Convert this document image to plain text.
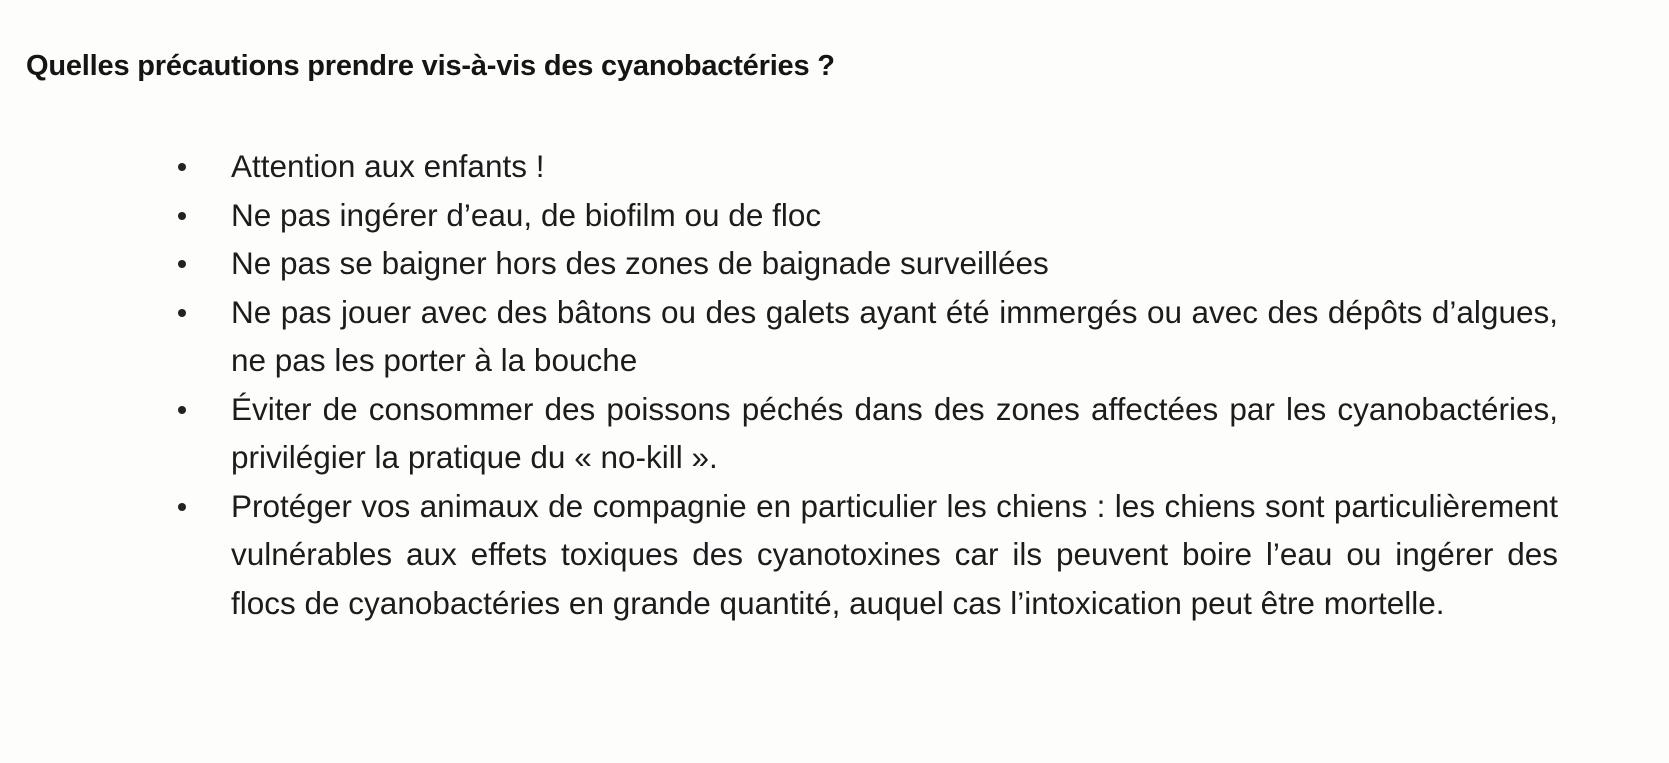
Quelles précautions prendre vis-à-vis des cyanobactéries ?
Attention aux enfants !
Ne pas ingérer d’eau, de biofilm ou de floc
Ne pas se baigner hors des zones de baignade surveillées
Ne pas jouer avec des bâtons ou des galets ayant été immergés ou avec des dépôts d’algues, ne pas les porter à la bouche
Éviter de consommer des poissons péchés dans des zones affectées par les cyanobactéries, privilégier la pratique du « no-kill ».
Protéger vos animaux de compagnie en particulier les chiens : les chiens sont particulièrement vulnérables aux effets toxiques des cyanotoxines car ils peuvent boire l’eau ou ingérer des flocs de cyanobactéries en grande quantité, auquel cas l’intoxication peut être mortelle.
